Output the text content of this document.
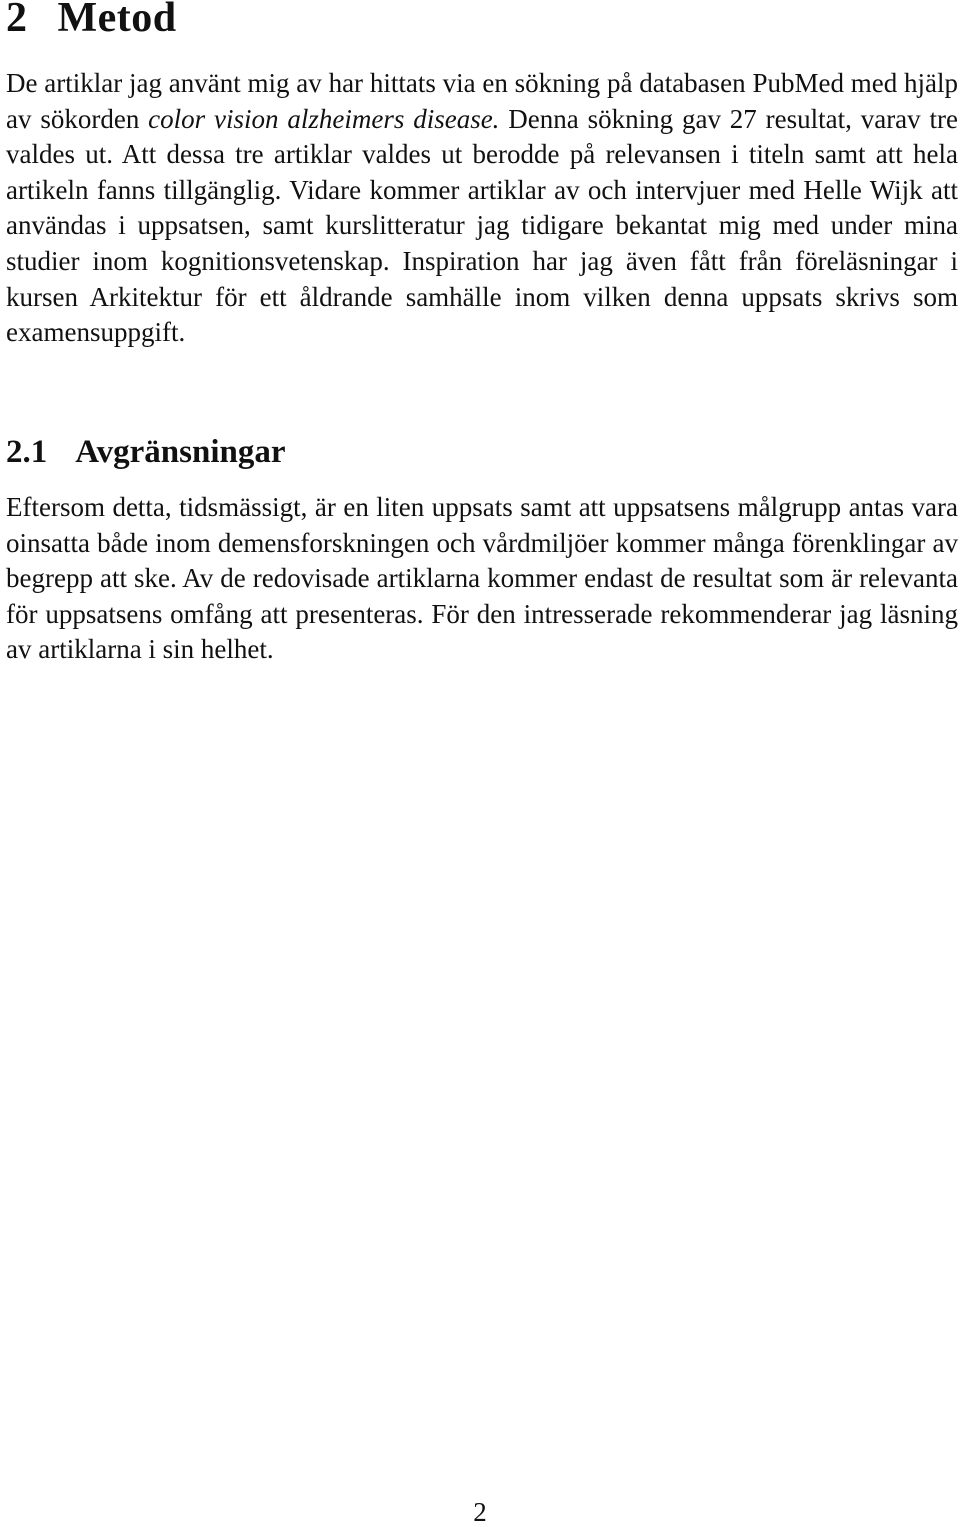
2 Metod

De artiklar jag använt mig av har hittats via en sökning på databasen PubMed med hjälp av sökorden color vision alzheimers disease. Denna sökning gav 27 resultat, varav tre valdes ut. Att dessa tre artiklar valdes ut berodde på relevansen i titeln samt att hela artikeln fanns tillgänglig. Vidare kommer artiklar av och intervjuer med Helle Wijk att användas i uppsatsen, samt kurslitteratur jag tidigare bekantat mig med under mina studier inom kognitionsvetenskap. Inspiration har jag även fått från föreläsningar i kursen Arkitektur för ett åldrande samhälle inom vilken denna uppsats skrivs som examensuppgift.

2.1 Avgränsningar

Eftersom detta, tidsmässigt, är en liten uppsats samt att uppsatsens målgrupp antas vara oinsatta både inom demensforskningen och vårdmiljöer kommer många förenklingar av begrepp att ske. Av de redovisade artiklarna kommer endast de resultat som är relevanta för uppsatsens omfång att presenteras. För den intresserade rekommenderar jag läsning av artiklarna i sin helhet.

2
